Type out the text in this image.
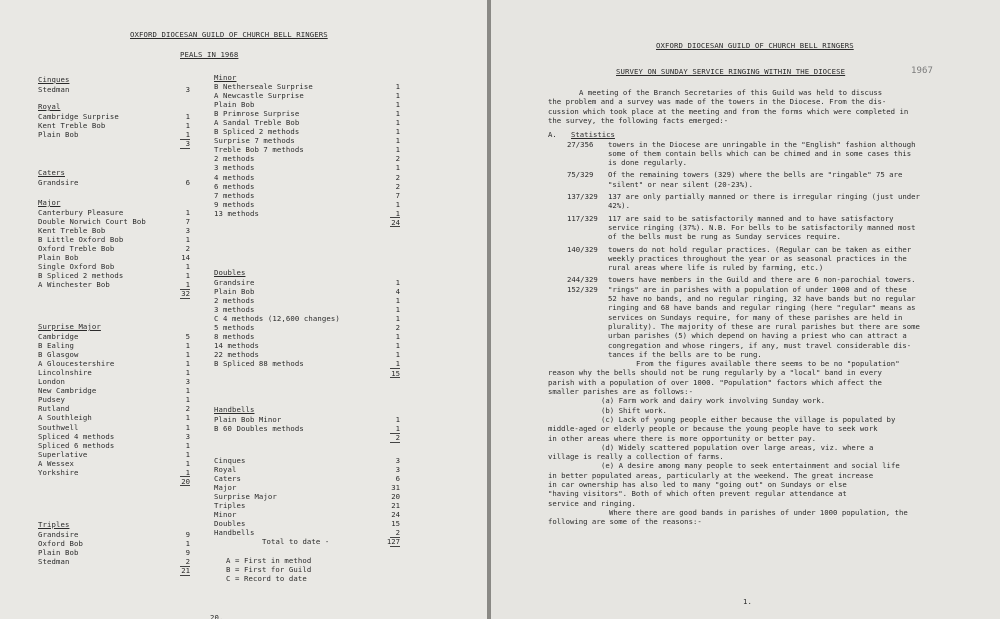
OXFORD DIOCESAN GUILD OF CHURCH BELL RINGERS
PEALS IN 1968
Cinques
Stedman	3
Royal
Cambridge Surprise	1
Kent Treble Bob	1
Plain Bob	1
3
Caters
Grandsire	6
Major
Canterbury Pleasure	1
Double Norwich Court Bob	7
Kent Treble Bob	3
B Little Oxford Bob	1
Oxford Treble Bob	2
Plain Bob	14
Single Oxford Bob	1
B Spliced 2 methods	1
A Winchester Bob	1
32
Surprise Major
Cambridge	5
B Ealing	1
B Glasgow	1
A Gloucestershire	1
Lincolnshire	1
London	3
New Cambridge	1
Pudsey	1
Rutland	2
A Southleigh	1
Southwell	1
Spliced 4 methods	3
Spliced 6 methods	1
Superlative	1
A Wessex	1
Yorkshire	1
20
Triples
Grandsire	9
Oxford Bob	1
Plain Bob	9
Stedman	2
21
Minor
B Netherseale Surprise	1
A Newcastle Surprise	1
Plain Bob	1
B Primrose Surprise	1
A Sandal Treble Bob	1
B Spliced 2 methods	1
Surprise 7 methods	1
Treble Bob 7 methods	1
2 methods	2
3 methods	1
4 methods	2
6 methods	2
7 methods	7
9 methods	1
13 methods	1
24
Doubles
Grandsire	1
Plain Bob	4
2 methods	1
3 methods	1
C 4 methods (12,600 changes)	1
5 methods	2
8 methods	1
14 methods	1
22 methods	1
B Spliced 88 methods	1
15
Handbells
Plain Bob Minor	1
B 60 Doubles methods	1
2
Cinques	3
Royal	3
Caters	6
Major	31
Surprise Major	20
Triples	21
Minor	24
Doubles	15
Handbells	2
Total to date -	127
A = First in method
B = First for Guild
C = Record to date
20.
OXFORD DIOCESAN GUILD OF CHURCH BELL RINGERS
SURVEY ON SUNDAY SERVICE RINGING WITHIN THE DIOCESE	1967
A meeting of the Branch Secretaries of this Guild was held to discuss
the problem and a survey was made of the towers in the Diocese. From the dis-
cussion which took place at the meeting and from the forms which were completed in
the survey, the following facts emerged:-
A. Statistics
27/356 towers in the Diocese are unringable in the "English" fashion although
some of them contain bells which can be chimed and in some cases this
is done regularly.
75/329 Of the remaining towers (329) where the bells are "ringable" 75 are
"silent" or near silent (20-23%).
137/329 137 are only partially manned or there is irregular ringing (just under
42%).
117/329 117 are said to be satisfactorily manned and to have satisfactory
service ringing (37%). N.B. For bells to be satisfactorily manned most
of the bells must be rung as Sunday services require.
140/329 towers do not hold regular practices. (Regular can be taken as either
weekly practices throughout the year or as seasonal practices in the
rural areas where life is ruled by farming, etc.)
244/329 towers have members in the Guild and there are 6 non-parochial towers.
152/329 "rings" are in parishes with a population of under 1000 and of these
52 have no bands, and no regular ringing, 32 have bands but no regular
ringing and 68 have bands and regular ringing (here "regular" means as
services on Sundays require, for many of these parishes are held in
plurality). The majority of these are rural parishes but there are some
urban parishes (5) which depend on having a priest who can attract a
congregation and whose ringers, if any, must travel considerable dis-
tances if the bells are to be rung.
From the figures available there seems to be no "population"
reason why the bells should not be rung regularly by a "local" band in every
parish with a population of over 1000. "Population" factors which affect the
smaller parishes are as follows:-
(a) Farm work and dairy work involving Sunday work.
(b) Shift work.
(c) Lack of young people either because the village is populated by
middle-aged or elderly people or because the young people have to seek work
in other areas where there is more opportunity or better pay.
(d) Widely scattered population over large areas, viz. where a
village is really a collection of farms.
(e) A desire among many people to seek entertainment and social life
in better populated areas, particularly at the weekend. The great increase
in car ownership has also led to many "going out" on Sundays or else
"having visitors". Both of which often prevent regular attendance at
service and ringing.
Where there are good bands in parishes of under 1000 population, the
following are some of the reasons:-
1.
